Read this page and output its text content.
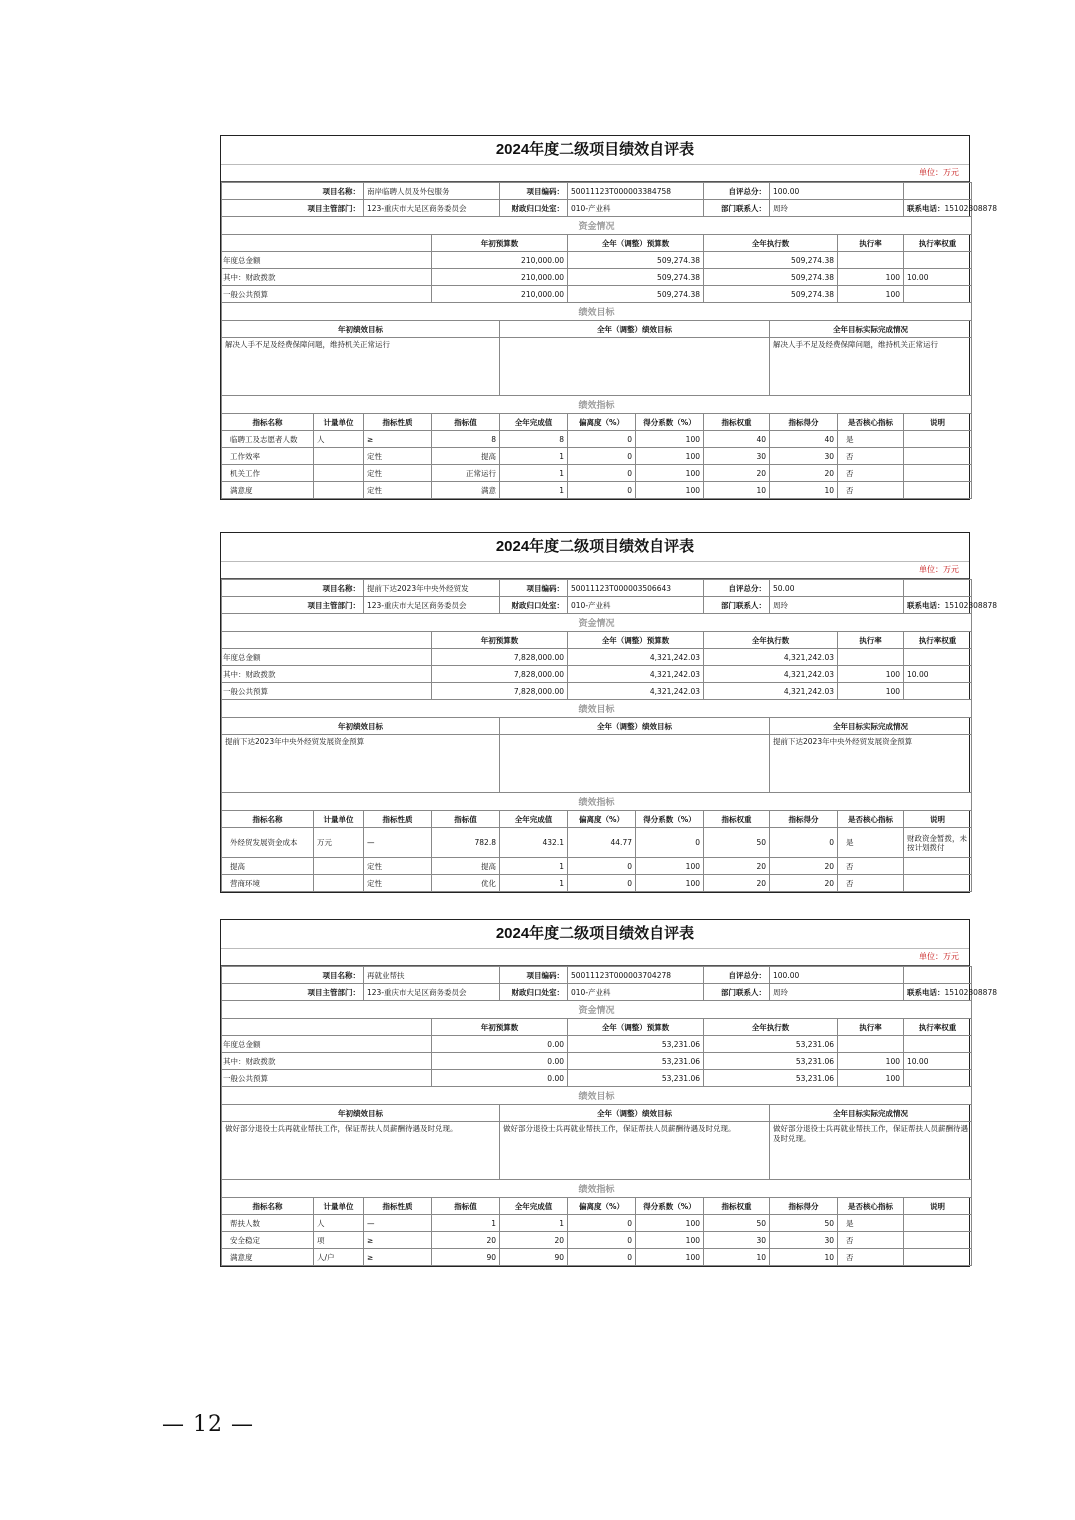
2024年度二级项目绩效自评表
单位：万元
项目名称：		南岸临聘人员及外包服务		项目编码：	50011123T000003384758		自评总分：	100.00			
项目主管部门：		123-重庆市大足区商务委员会		财政归口处室：	010-产业科		部门联系人：	周玲		联系电话：15102308878	
资金情况											
			年初预算数		全年（调整）预算数		全年执行数		执行率	执行率权重	
年度总金额			210,000.00		509,274.38		509,274.38				
其中：财政拨款			210,000.00		509,274.38		509,274.38		100	10.00	
一般公共预算			210,000.00		509,274.38		509,274.38		100		
绩效目标											
年初绩效目标				全年（调整）绩效目标				全年目标实际完成情况			
解决人手不足及经费保障问题，维持机关正常运行								解决人手不足及经费保障问题，维持机关正常运行			
绩效指标											
指标名称	计量单位	指标性质	指标值	全年完成值	偏离度（%）	得分系数（%）	指标权重	指标得分	是否核心指标	说明	
临聘工及志愿者人数	人	≥	8	8	0	100	40	40	是		
工作效率		定性	提高	1	0	100	30	30	否		
机关工作		定性	正常运行	1	0	100	20	20	否		
满意度		定性	满意	1	0	100	10	10	否		
2024年度二级项目绩效自评表
单位：万元
项目名称：		提前下达2023年中央外经贸发		项目编码：	50011123T000003506643		自评总分：	50.00			
项目主管部门：		123-重庆市大足区商务委员会		财政归口处室：	010-产业科		部门联系人：	周玲		联系电话：15102308878	
资金情况											
			年初预算数		全年（调整）预算数		全年执行数		执行率	执行率权重	
年度总金额			7,828,000.00		4,321,242.03		4,321,242.03				
其中：财政拨款			7,828,000.00		4,321,242.03		4,321,242.03		100	10.00	
一般公共预算			7,828,000.00		4,321,242.03		4,321,242.03		100		
绩效目标											
年初绩效目标				全年（调整）绩效目标				全年目标实际完成情况			
提前下达2023年中央外经贸发展资金预算								提前下达2023年中央外经贸发展资金预算			
绩效指标											
指标名称	计量单位	指标性质	指标值	全年完成值	偏离度（%）	得分系数（%）	指标权重	指标得分	是否核心指标	说明	
外经贸发展资金成本	万元	—	782.8	432.1	44.77	0	50	0	是	财政资金暂拨，未按计划拨付	
提高		定性	提高	1	0	100	20	20	否		
营商环境		定性	优化	1	0	100	20	20	否		
2024年度二级项目绩效自评表
单位：万元
项目名称：		再就业帮扶		项目编码：	50011123T000003704278		自评总分：	100.00			
项目主管部门：		123-重庆市大足区商务委员会		财政归口处室：	010-产业科		部门联系人：	周玲		联系电话：15102308878	
资金情况											
			年初预算数		全年（调整）预算数		全年执行数		执行率	执行率权重	
年度总金额			0.00		53,231.06		53,231.06				
其中：财政拨款			0.00		53,231.06		53,231.06		100	10.00	
一般公共预算			0.00		53,231.06		53,231.06		100		
绩效目标											
年初绩效目标				全年（调整）绩效目标				全年目标实际完成情况			
做好部分退役士兵再就业帮扶工作，保证帮扶人员薪酬待遇及时兑现。				做好部分退役士兵再就业帮扶工作，保证帮扶人员薪酬待遇及时兑现。				做好部分退役士兵再就业帮扶工作，保证帮扶人员薪酬待遇及时兑现。			
绩效指标											
指标名称	计量单位	指标性质	指标值	全年完成值	偏离度（%）	得分系数（%）	指标权重	指标得分	是否核心指标	说明	
帮扶人数	人	—	1	1	0	100	50	50	是		
安全稳定	项	≥	20	20	0	100	30	30	否		
满意度	人/户	≥	90	90	0	100	10	10	否		
— 12 —
